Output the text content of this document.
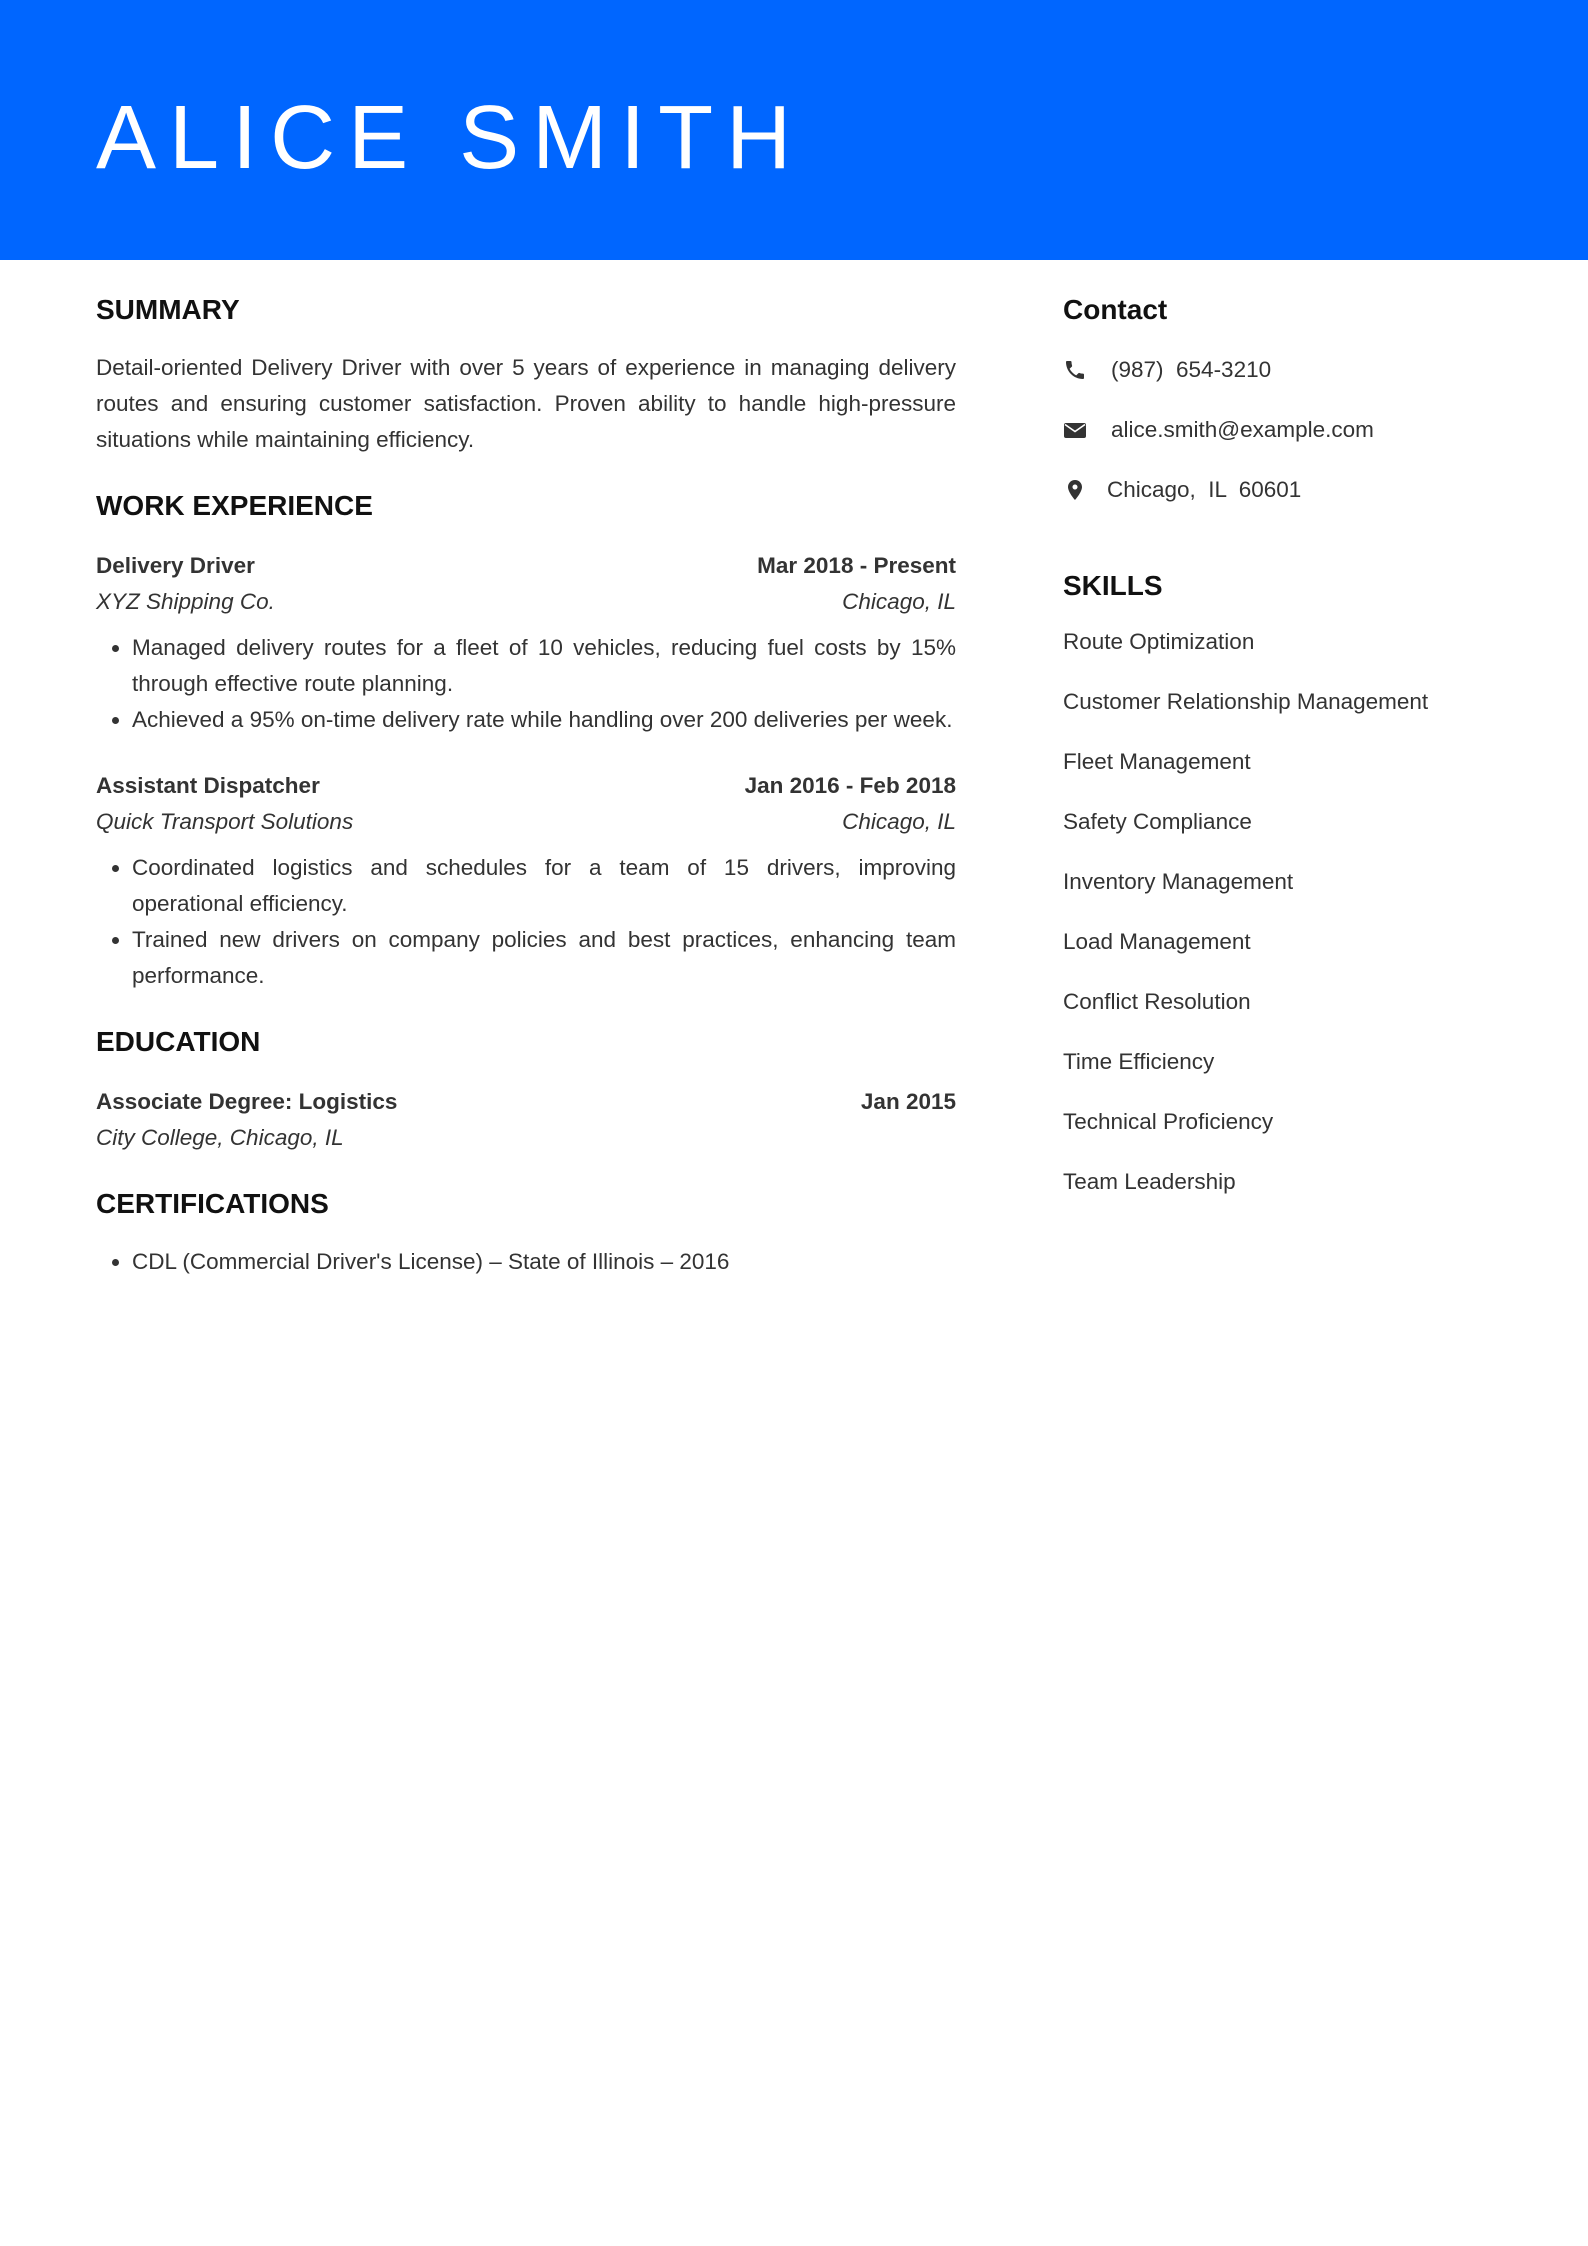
ALICE SMITH
SUMMARY

Detail-oriented Delivery Driver with over 5 years of experience in managing delivery routes and ensuring customer satisfaction. Proven ability to handle high-pressure situations while maintaining efficiency.

WORK EXPERIENCE
Delivery Driver	Mar 2018 - Present
XYZ Shipping Co.	Chicago, IL
• Managed delivery routes for a fleet of 10 vehicles, reducing fuel costs by 15% through effective route planning.
• Achieved a 95% on-time delivery rate while handling over 200 deliveries per week.
Assistant Dispatcher	Jan 2016 - Feb 2018
Quick Transport Solutions	Chicago, IL
• Coordinated logistics and schedules for a team of 15 drivers, improving operational efficiency.
• Trained new drivers on company policies and best practices, enhancing team performance.
EDUCATION
Associate Degree: Logistics	Jan 2015
City College, Chicago, IL
CERTIFICATIONS
• CDL (Commercial Driver's License) – State of Illinois – 2016
Contact
(987)  654-3210
alice.smith@example.com
Chicago,  IL  60601
SKILLS
Route Optimization
Customer Relationship Management
Fleet Management
Safety Compliance
Inventory Management
Load Management
Conflict Resolution
Time Efficiency
Technical Proficiency
Team Leadership
